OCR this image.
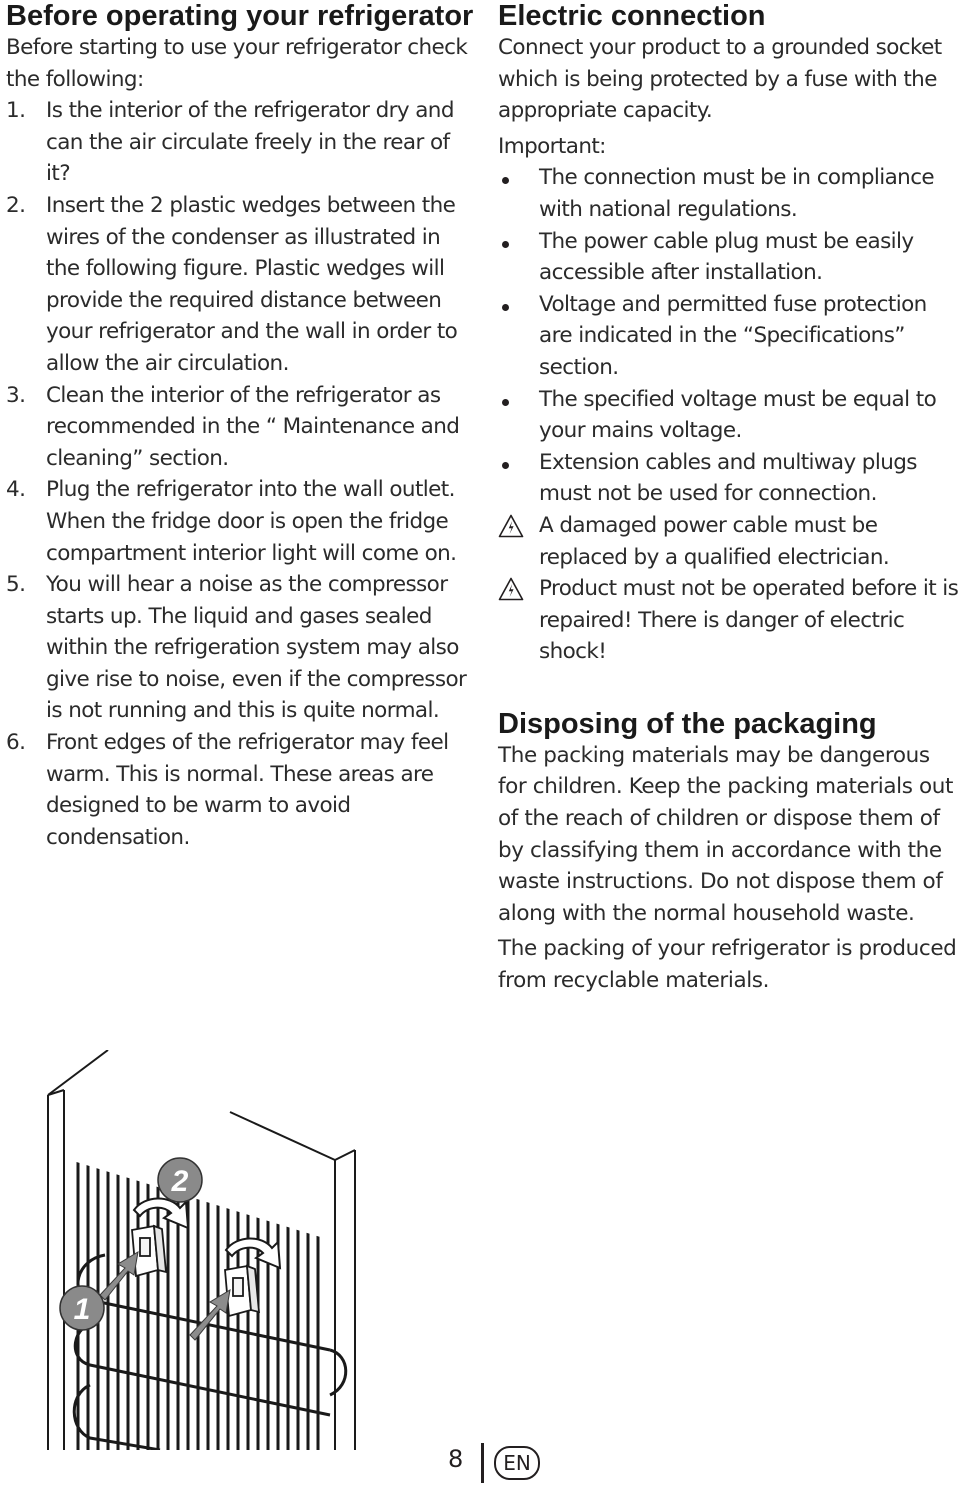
Before operating your refrigerator

Before starting to use your refrigerator check the following:

1. Is the interior of the refrigerator dry and can the air circulate freely in the rear of it?
2. Insert the 2 plastic wedges between the wires of the condenser as illustrated in the following figure. Plastic wedges will provide the required distance between your refrigerator and the wall in order to allow the air circulation.
3. Clean the interior of the refrigerator as recommended in the “ Maintenance and cleaning” section.
4. Plug the refrigerator into the wall outlet. When the fridge door is open the fridge compartment interior light will come on.
5. You will hear a noise as the compressor starts up. The liquid and gases sealed within the refrigeration system may also give rise to noise, even if the compressor is not running and this is quite normal.
6. Front edges of the refrigerator may feel warm. This is normal. These areas are designed to be warm to avoid condensation.
Electric connection

Connect your product to a grounded socket which is being protected by a fuse with the appropriate capacity.

Important:

The connection must be in compliance with national regulations.
The power cable plug must be easily accessible after installation.
Voltage and permitted fuse protection are indicated in the “Specifications” section.
The specified voltage must be equal to your mains voltage.
Extension cables and multiway plugs must not be used for connection.
A damaged power cable must be replaced by a qualified electrician.
Product must not be operated before it is repaired! There is danger of electric shock!
Disposing of the packaging

The packing materials may be dangerous for children. Keep the packing materials out of the reach of children or dispose them of by classifying them in accordance with the waste instructions. Do not dispose them of along with the normal household waste.

The packing of your refrigerator is produced from recyclable materials.

2
1
8	EN
